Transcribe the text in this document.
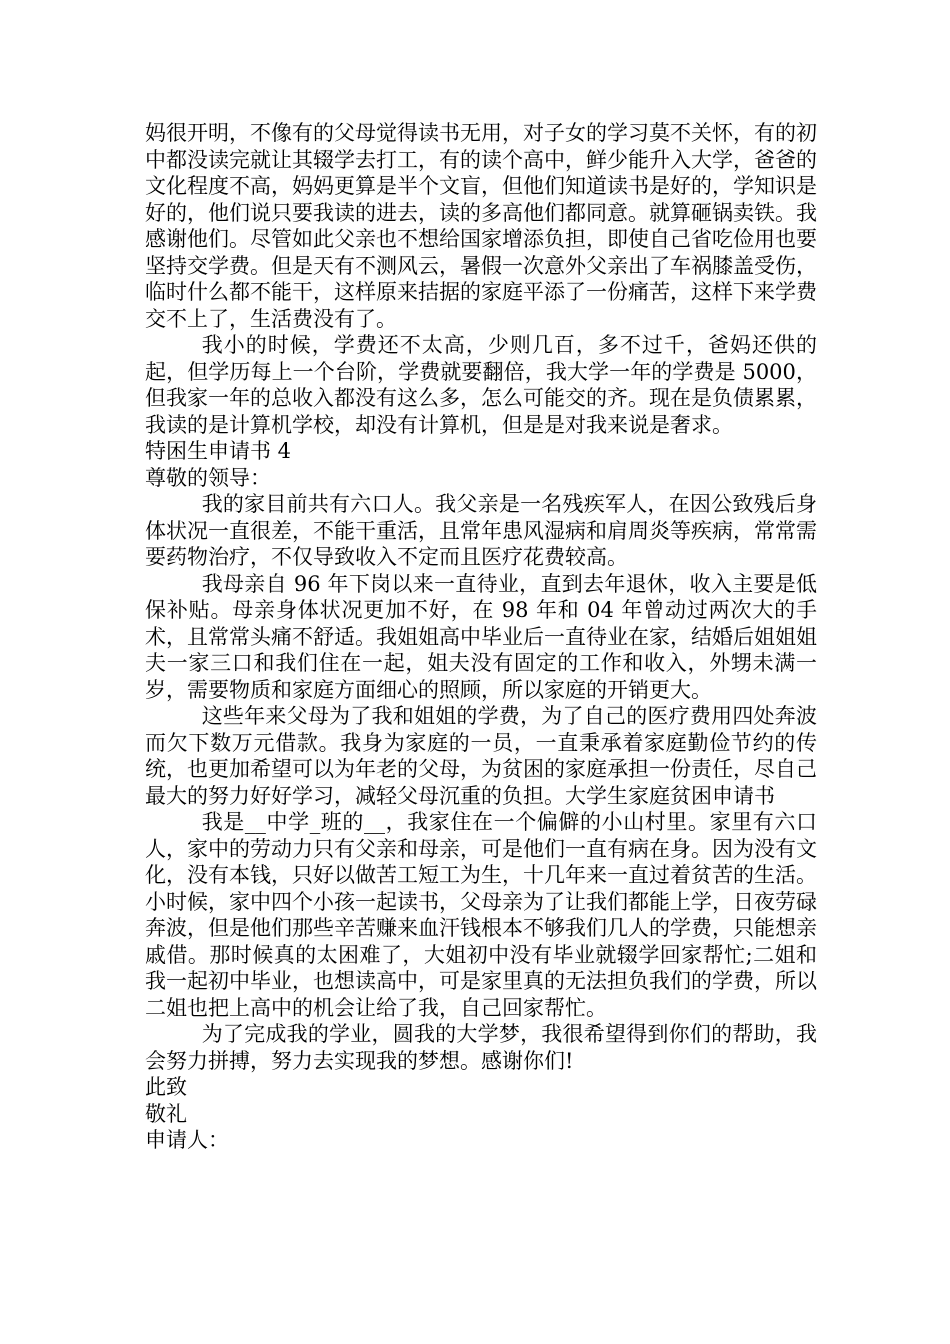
妈很开明，不像有的父母觉得读书无用，对子女的学习莫不关怀，有的初中都没读完就让其辍学去打工，有的读个高中，鲜少能升入大学，爸爸的文化程度不高，妈妈更算是半个文盲，但他们知道读书是好的，学知识是好的，他们说只要我读的进去，读的多高他们都同意。就算砸锅卖铁。我感谢他们。尽管如此父亲也不想给国家增添负担，即使自己省吃俭用也要坚持交学费。但是天有不测风云，暑假一次意外父亲出了车祸膝盖受伤，临时什么都不能干，这样原来拮据的家庭平添了一份痛苦，这样下来学费交不上了，生活费没有了。

我小的时候，学费还不太高，少则几百，多不过千，爸妈还供的起，但学历每上一个台阶，学费就要翻倍，我大学一年的学费是 5000，但我家一年的总收入都没有这么多，怎么可能交的齐。现在是负债累累，我读的是计算机学校，却没有计算机，但是是对我来说是奢求。

特困生申请书 4

尊敬的领导：

我的家目前共有六口人。我父亲是一名残疾军人，在因公致残后身体状况一直很差，不能干重活，且常年患风湿病和肩周炎等疾病，常常需要药物治疗，不仅导致收入不定而且医疗花费较高。

我母亲自 96 年下岗以来一直待业，直到去年退休，收入主要是低保补贴。母亲身体状况更加不好，在 98 年和 04 年曾动过两次大的手术，且常常头痛不舒适。我姐姐高中毕业后一直待业在家，结婚后姐姐姐夫一家三口和我们住在一起，姐夫没有固定的工作和收入，外甥未满一岁，需要物质和家庭方面细心的照顾，所以家庭的开销更大。

这些年来父母为了我和姐姐的学费，为了自己的医疗费用四处奔波而欠下数万元借款。我身为家庭的一员，一直秉承着家庭勤俭节约的传统，也更加希望可以为年老的父母，为贫困的家庭承担一份责任，尽自己最大的努力好好学习，减轻父母沉重的负担。大学生家庭贫困申请书

我是__中学_班的__，我家住在一个偏僻的小山村里。家里有六口人，家中的劳动力只有父亲和母亲，可是他们一直有病在身。因为没有文化，没有本钱，只好以做苦工短工为生，十几年来一直过着贫苦的生活。小时候，家中四个小孩一起读书，父母亲为了让我们都能上学，日夜劳碌奔波，但是他们那些辛苦赚来血汗钱根本不够我们几人的学费，只能想亲戚借。那时候真的太困难了，大姐初中没有毕业就辍学回家帮忙;二姐和我一起初中毕业，也想读高中，可是家里真的无法担负我们的学费，所以二姐也把上高中的机会让给了我，自己回家帮忙。

为了完成我的学业，圆我的大学梦，我很希望得到你们的帮助，我会努力拼搏，努力去实现我的梦想。感谢你们!

此致

敬礼

申请人：
